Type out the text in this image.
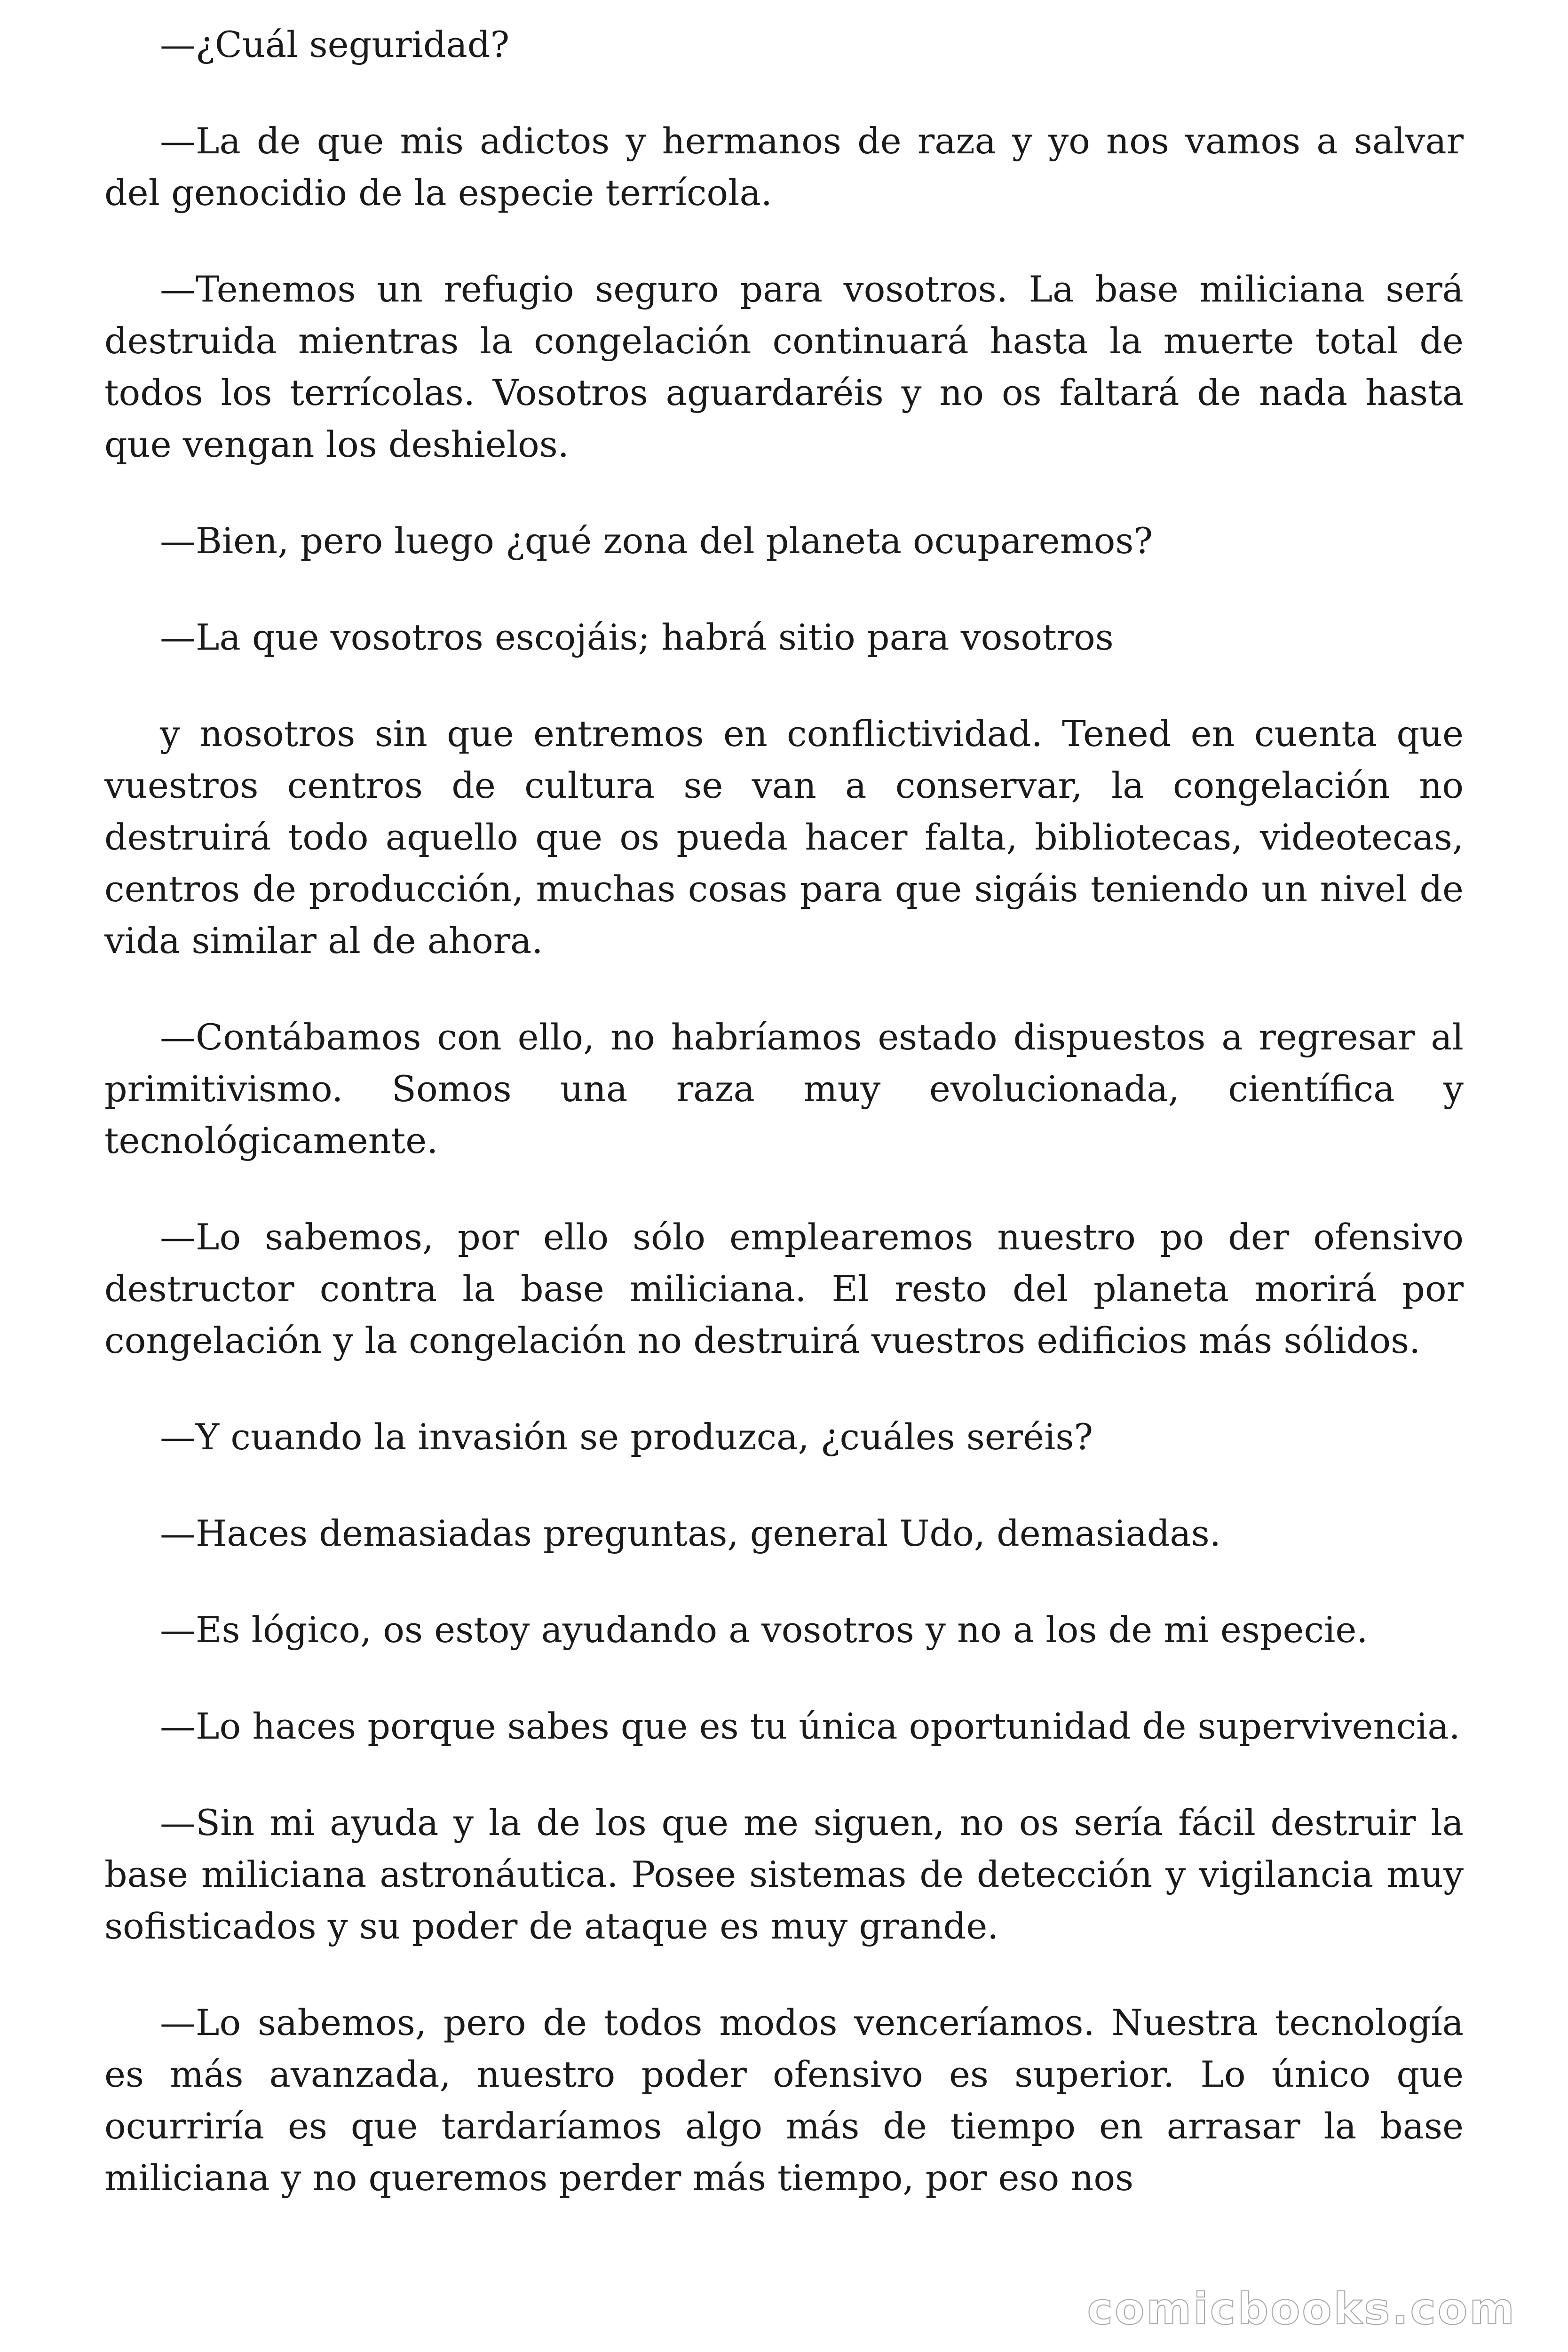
—¿Cuál seguridad?

—La de que mis adictos y hermanos de raza y yo nos vamos a salvar del genocidio de la especie terrícola.

—Tenemos un refugio seguro para vosotros. La base miliciana será destruida mientras la congelación continuará hasta la muerte total de todos los terrícolas. Vosotros aguardaréis y no os faltará de nada hasta que vengan los deshielos.

—Bien, pero luego ¿qué zona del planeta ocuparemos?

—La que vosotros escojáis; habrá sitio para vosotros

y nosotros sin que entremos en conflictividad. Tened en cuenta que vuestros centros de cultura se van a conservar, la congelación no destruirá todo aquello que os pueda hacer falta, bibliotecas, videotecas, centros de producción, muchas cosas para que sigáis teniendo un nivel de vida similar al de ahora.

—Contábamos con ello, no habríamos estado dispuestos a regresar al primitivismo. Somos una raza muy evolucionada, científica y tecnológicamente.

—Lo sabemos, por ello sólo emplearemos nuestro po der ofensivo destructor contra la base miliciana. El resto del planeta morirá por congelación y la congelación no destruirá vuestros edificios más sólidos.

—Y cuando la invasión se produzca, ¿cuáles seréis?

—Haces demasiadas preguntas, general Udo, demasiadas.

—Es lógico, os estoy ayudando a vosotros y no a los de mi especie.

—Lo haces porque sabes que es tu única oportunidad de supervivencia.

—Sin mi ayuda y la de los que me siguen, no os sería fácil destruir la base miliciana astronáutica. Posee sistemas de detección y vigilancia muy sofisticados y su poder de ataque es muy grande.

—Lo sabemos, pero de todos modos venceríamos. Nuestra tecnología es más avanzada, nuestro poder ofensivo es superior. Lo único que ocurriría es que tardaríamos algo más de tiempo en arrasar la base miliciana y no queremos perder más tiempo, por eso nos

comicbooks.com
